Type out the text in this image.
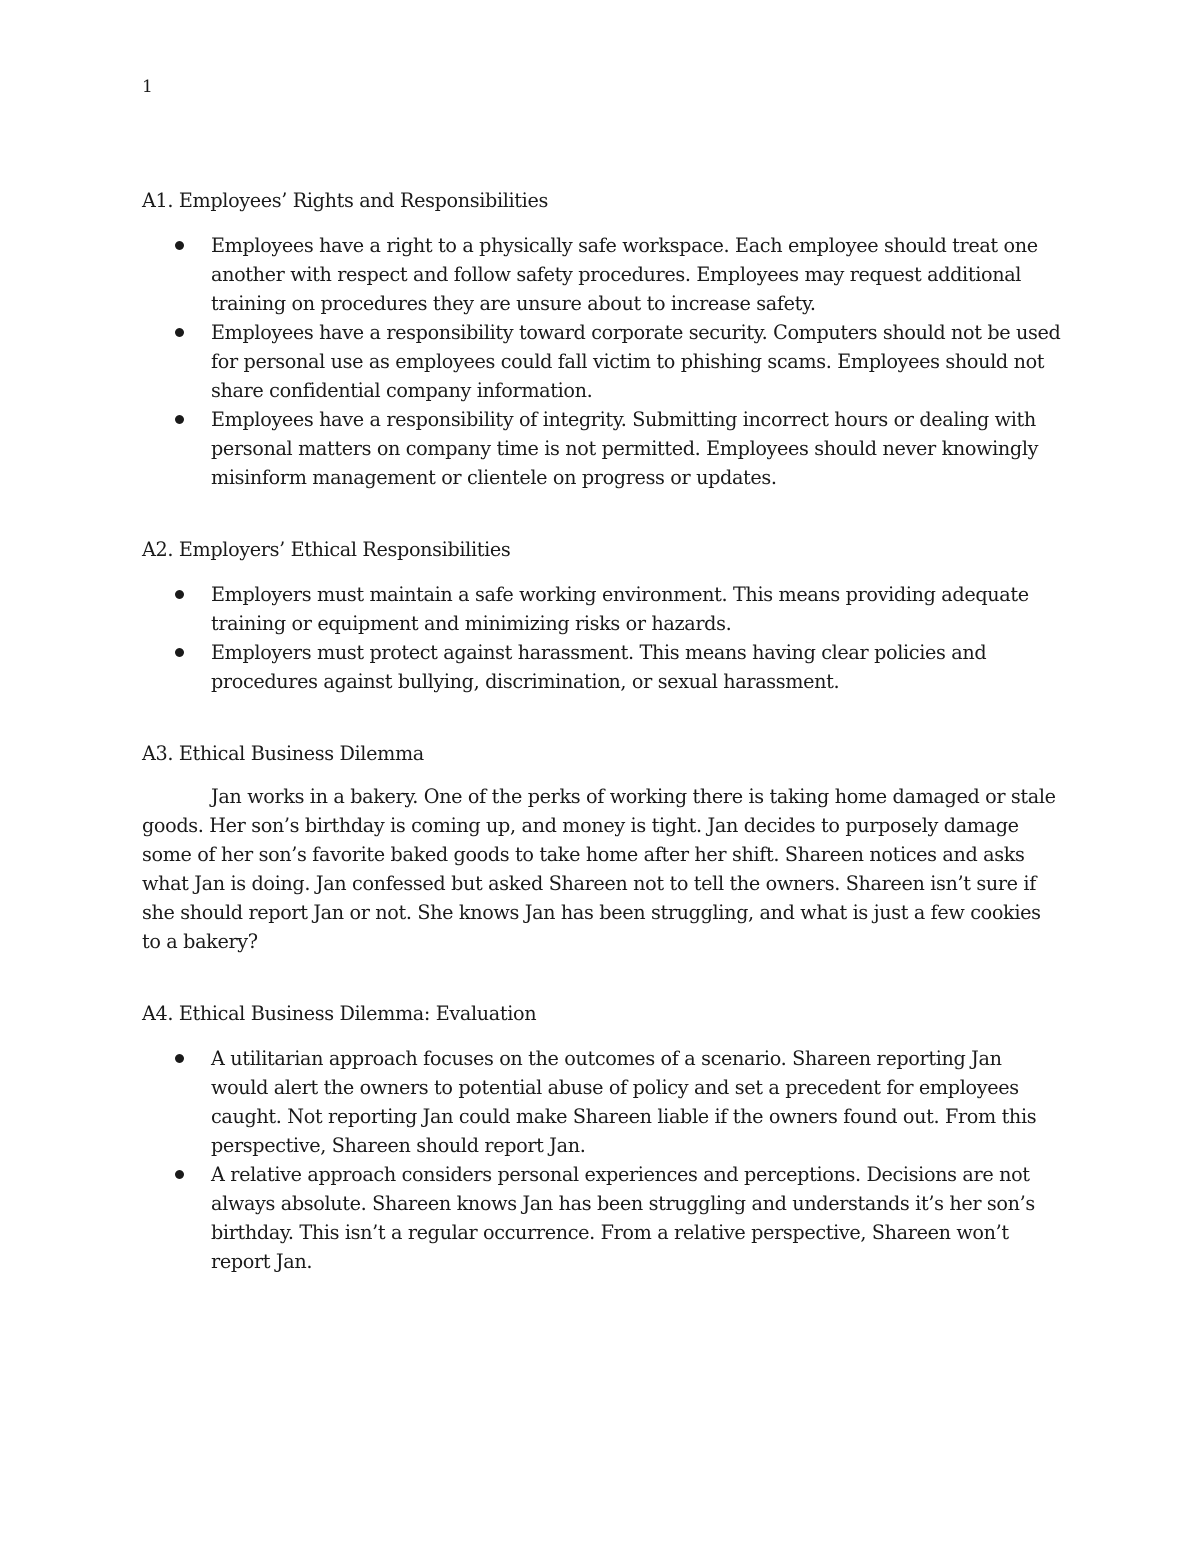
1
A1. Employees’ Rights and Responsibilities
Employees have a right to a physically safe workspace. Each employee should treat one another with respect and follow safety procedures. Employees may request additional training on procedures they are unsure about to increase safety.
Employees have a responsibility toward corporate security. Computers should not be used for personal use as employees could fall victim to phishing scams. Employees should not share confidential company information.
Employees have a responsibility of integrity. Submitting incorrect hours or dealing with personal matters on company time is not permitted. Employees should never knowingly misinform management or clientele on progress or updates.
A2. Employers’ Ethical Responsibilities
Employers must maintain a safe working environment. This means providing adequate training or equipment and minimizing risks or hazards.
Employers must protect against harassment. This means having clear policies and procedures against bullying, discrimination, or sexual harassment.
A3. Ethical Business Dilemma

Jan works in a bakery. One of the perks of working there is taking home damaged or stale goods. Her son’s birthday is coming up, and money is tight. Jan decides to purposely damage some of her son’s favorite baked goods to take home after her shift. Shareen notices and asks what Jan is doing. Jan confessed but asked Shareen not to tell the owners. Shareen isn’t sure if she should report Jan or not. She knows Jan has been struggling, and what is just a few cookies to a bakery?

A4. Ethical Business Dilemma: Evaluation
A utilitarian approach focuses on the outcomes of a scenario. Shareen reporting Jan would alert the owners to potential abuse of policy and set a precedent for employees caught. Not reporting Jan could make Shareen liable if the owners found out. From this perspective, Shareen should report Jan.
A relative approach considers personal experiences and perceptions. Decisions are not always absolute. Shareen knows Jan has been struggling and understands it’s her son’s birthday. This isn’t a regular occurrence. From a relative perspective, Shareen won’t report Jan.
